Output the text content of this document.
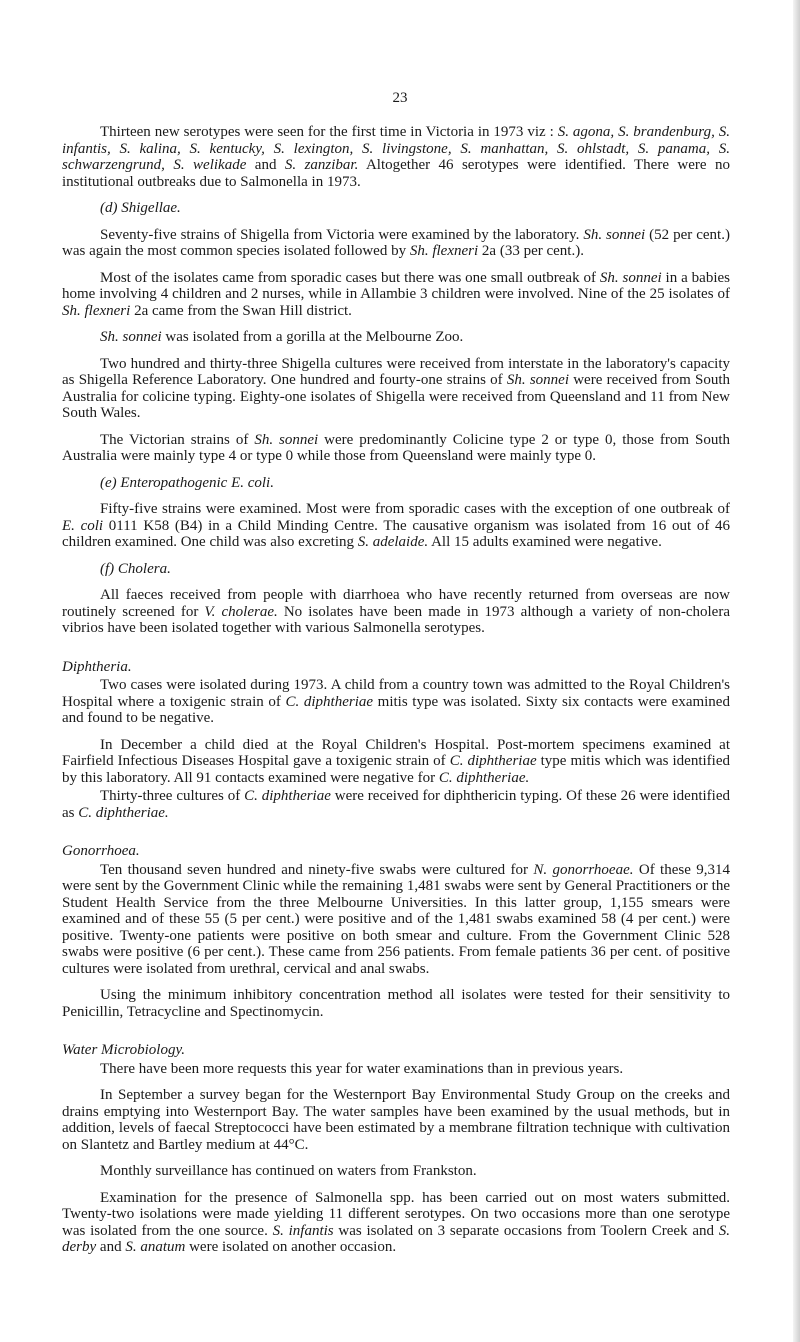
23

Thirteen new serotypes were seen for the first time in Victoria in 1973 viz : S. agona, S. brandenburg, S. infantis, S. kalina, S. kentucky, S. lexington, S. livingstone, S. manhattan, S. ohlstadt, S. panama, S. schwarzengrund, S. welikade and S. zanzibar. Altogether 46 serotypes were identified. There were no institutional outbreaks due to Salmonella in 1973.

(d) Shigellae.

Seventy-five strains of Shigella from Victoria were examined by the laboratory. Sh. sonnei (52 per cent.) was again the most common species isolated followed by Sh. flexneri 2a (33 per cent.).

Most of the isolates came from sporadic cases but there was one small outbreak of Sh. sonnei in a babies home involving 4 children and 2 nurses, while in Allambie 3 children were involved. Nine of the 25 isolates of Sh. flexneri 2a came from the Swan Hill district.

Sh. sonnei was isolated from a gorilla at the Melbourne Zoo.

Two hundred and thirty-three Shigella cultures were received from interstate in the laboratory's capacity as Shigella Reference Laboratory. One hundred and fourty-one strains of Sh. sonnei were received from South Australia for colicine typing. Eighty-one isolates of Shigella were received from Queensland and 11 from New South Wales.

The Victorian strains of Sh. sonnei were predominantly Colicine type 2 or type 0, those from South Australia were mainly type 4 or type 0 while those from Queensland were mainly type 0.

(e) Enteropathogenic E. coli.

Fifty-five strains were examined. Most were from sporadic cases with the exception of one outbreak of E. coli 0111 K58 (B4) in a Child Minding Centre. The causative organism was isolated from 16 out of 46 children examined. One child was also excreting S. adelaide. All 15 adults examined were negative.

(f) Cholera.

All faeces received from people with diarrhoea who have recently returned from overseas are now routinely screened for V. cholerae. No isolates have been made in 1973 although a variety of non-cholera vibrios have been isolated together with various Salmonella serotypes.

Diphtheria.

Two cases were isolated during 1973. A child from a country town was admitted to the Royal Children's Hospital where a toxigenic strain of C. diphtheriae mitis type was isolated. Sixty six contacts were examined and found to be negative.

In December a child died at the Royal Children's Hospital. Post-mortem specimens examined at Fairfield Infectious Diseases Hospital gave a toxigenic strain of C. diphtheriae type mitis which was identified by this laboratory. All 91 contacts examined were negative for C. diphtheriae.

Thirty-three cultures of C. diphtheriae were received for diphthericin typing. Of these 26 were identified as C. diphtheriae.

Gonorrhoea.

Ten thousand seven hundred and ninety-five swabs were cultured for N. gonorrhoeae. Of these 9,314 were sent by the Government Clinic while the remaining 1,481 swabs were sent by General Practitioners or the Student Health Service from the three Melbourne Universities. In this latter group, 1,155 smears were examined and of these 55 (5 per cent.) were positive and of the 1,481 swabs examined 58 (4 per cent.) were positive. Twenty-one patients were positive on both smear and culture. From the Government Clinic 528 swabs were positive (6 per cent.). These came from 256 patients. From female patients 36 per cent. of positive cultures were isolated from urethral, cervical and anal swabs.

Using the minimum inhibitory concentration method all isolates were tested for their sensitivity to Penicillin, Tetracycline and Spectinomycin.

Water Microbiology.

There have been more requests this year for water examinations than in previous years.

In September a survey began for the Westernport Bay Environmental Study Group on the creeks and drains emptying into Westernport Bay. The water samples have been examined by the usual methods, but in addition, levels of faecal Streptococci have been estimated by a membrane filtration technique with cultivation on Slantetz and Bartley medium at 44°C.

Monthly surveillance has continued on waters from Frankston.

Examination for the presence of Salmonella spp. has been carried out on most waters submitted. Twenty-two isolations were made yielding 11 different serotypes. On two occasions more than one serotype was isolated from the one source. S. infantis was isolated on 3 separate occasions from Toolern Creek and S. derby and S. anatum were isolated on another occasion.
